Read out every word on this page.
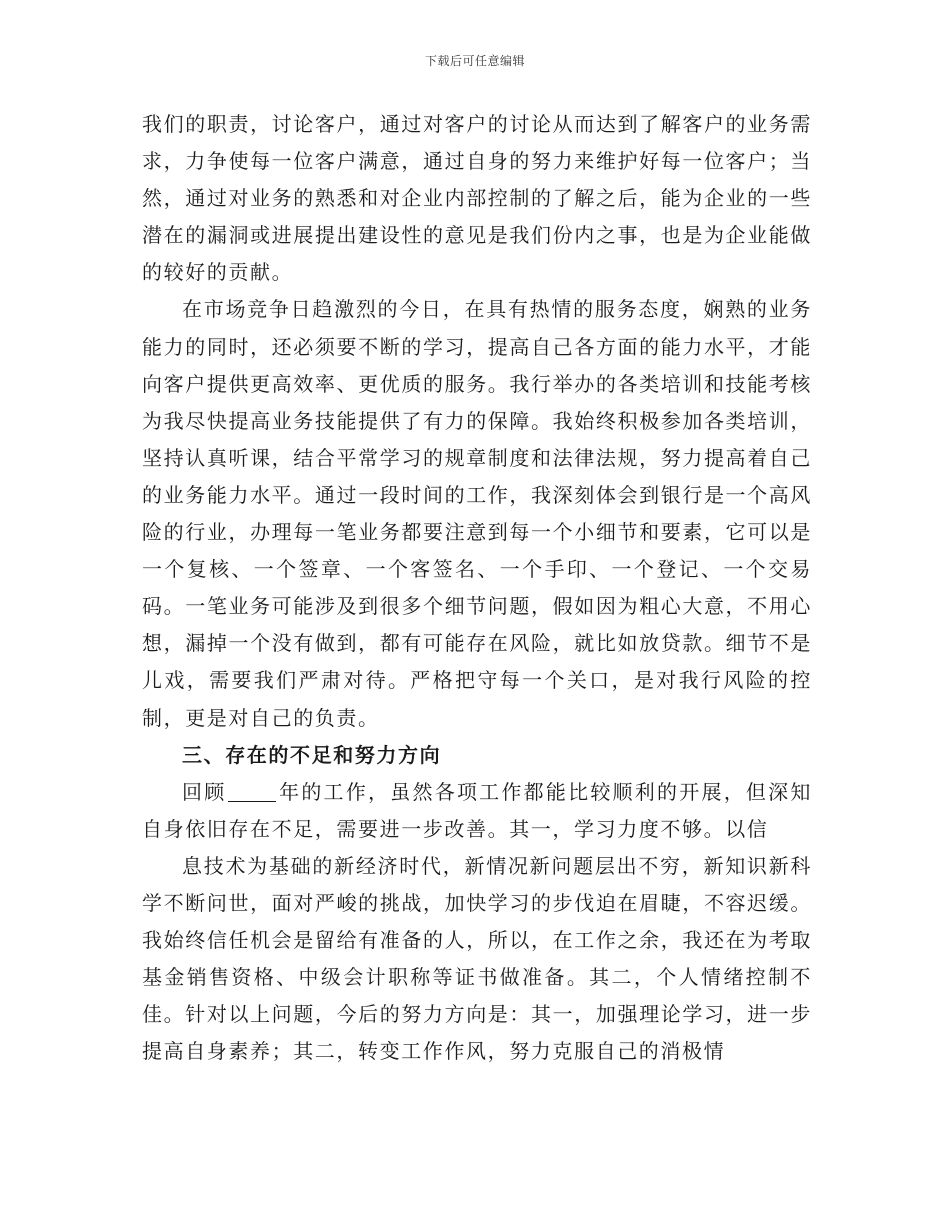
下载后可任意编辑

我们的职责，讨论客户，通过对客户的讨论从而达到了解客户的业务需求，力争使每一位客户满意，通过自身的努力来维护好每一位客户；当然，通过对业务的熟悉和对企业内部控制的了解之后，能为企业的一些潜在的漏洞或进展提出建设性的意见是我们份内之事，也是为企业能做的较好的贡献。

在市场竞争日趋激烈的今日，在具有热情的服务态度，娴熟的业务能力的同时，还必须要不断的学习，提高自己各方面的能力水平，才能向客户提供更高效率、更优质的服务。我行举办的各类培训和技能考核为我尽快提高业务技能提供了有力的保障。我始终积极参加各类培训，坚持认真听课，结合平常学习的规章制度和法律法规，努力提高着自己的业务能力水平。通过一段时间的工作，我深刻体会到银行是一个高风险的行业，办理每一笔业务都要注意到每一个小细节和要素，它可以是一个复核、一个签章、一个客签名、一个手印、一个登记、一个交易码。一笔业务可能涉及到很多个细节问题，假如因为粗心大意，不用心想，漏掉一个没有做到，都有可能存在风险，就比如放贷款。细节不是儿戏，需要我们严肃对待。严格把守每一个关口，是对我行风险的控制，更是对自己的负责。

三、存在的不足和努力方向

回顾	年的工作，虽然各项工作都能比较顺利的开展，但深知自身依旧存在不足，需要进一步改善。其一，学习力度不够。以信

息技术为基础的新经济时代，新情况新问题层出不穷，新知识新科学不断问世，面对严峻的挑战，加快学习的步伐迫在眉睫，不容迟缓。我始终信任机会是留给有准备的人，所以，在工作之余，我还在为考取基金销售资格、中级会计职称等证书做准备。其二，个人情绪控制不佳。针对以上问题，今后的努力方向是：其一，加强理论学习，进一步提高自身素养；其二，转变工作作风，努力克服自己的消极情
